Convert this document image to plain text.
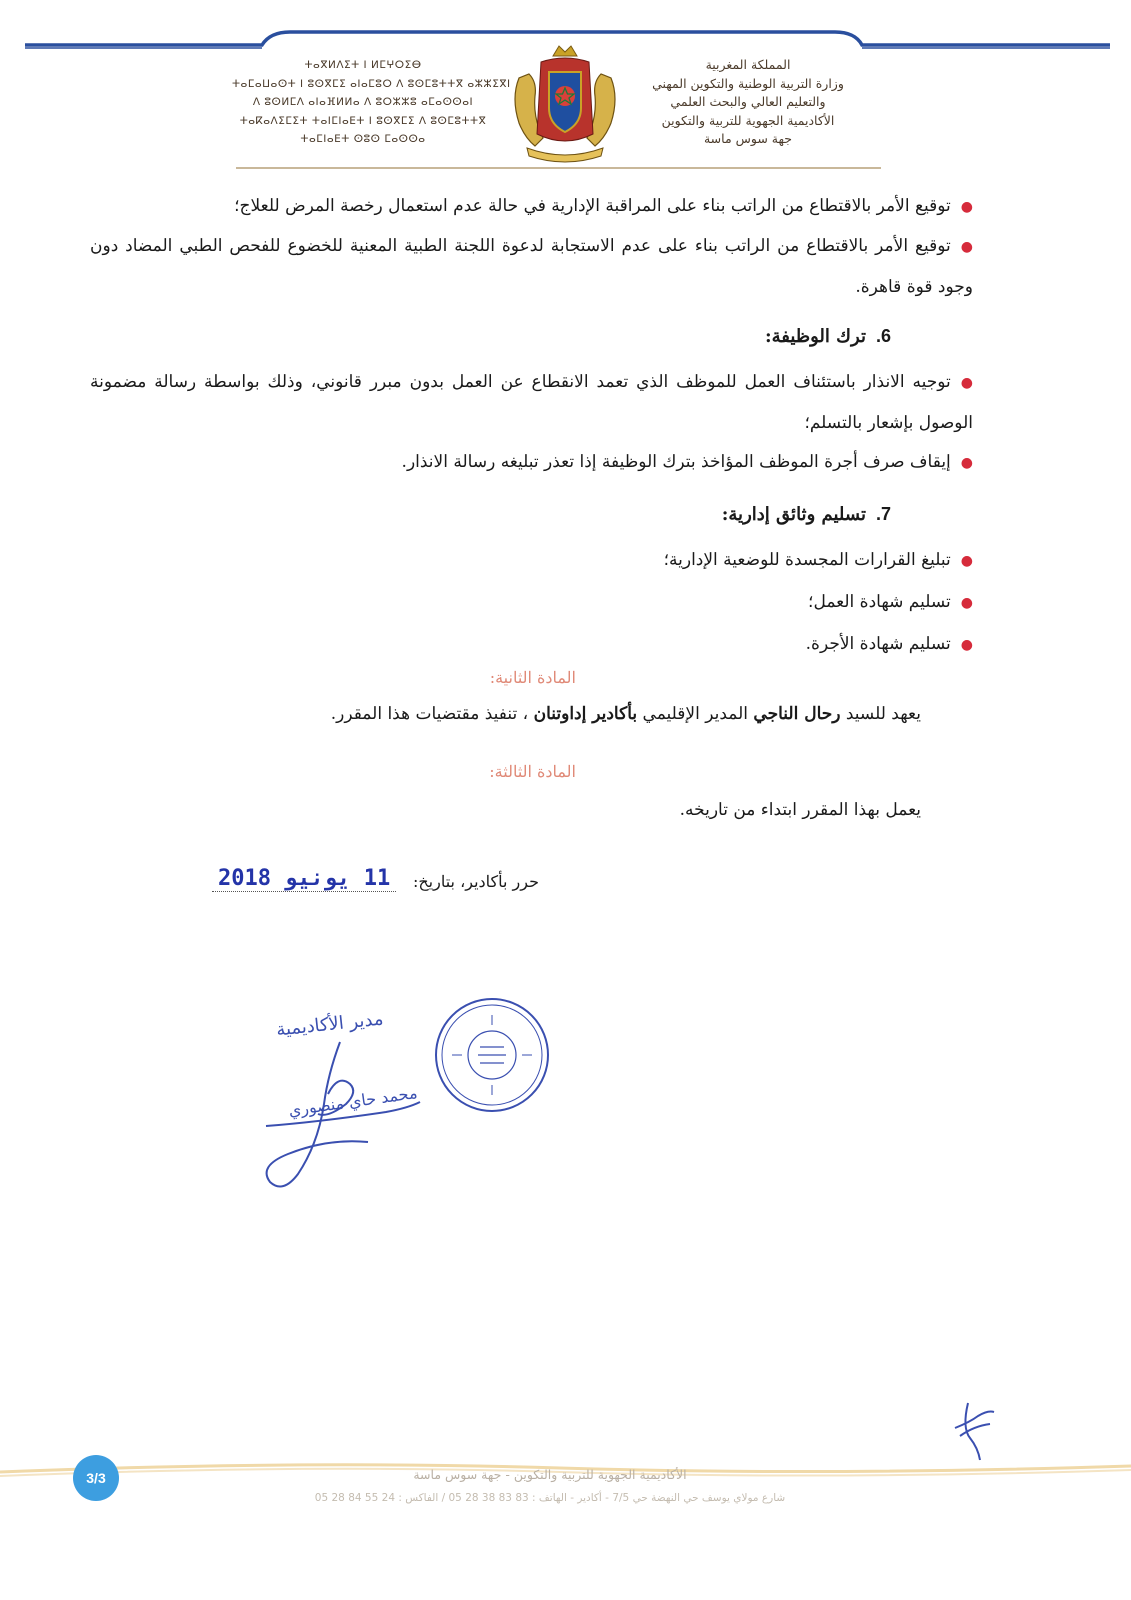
ⵜⴰⴳⵍⴷⵉⵜ ⵏ ⵍⵎⵖⵔⵉⴱ
ⵜⴰⵎⴰⵡⴰⵙⵜ ⵏ ⵓⵙⴳⵎⵉ ⴰⵏⴰⵎⵓⵔ ⴷ ⵓⵙⵎⵓⵜⵜⴳ ⴰⵣⵣⵉⴳⵏ
ⴷ ⵓⵙⵍⵎⴷ ⴰⵏⴰⴼⵍⵍⴰ ⴷ ⵓⵔⵣⵣⵓ ⴰⵎⴰⵙⵙⴰⵏ
ⵜⴰⴽⴰⴷⵉⵎⵉⵜ ⵜⴰⵏⵎⵏⴰⴹⵜ ⵏ ⵓⵙⴳⵎⵉ ⴷ ⵓⵙⵎⵓⵜⵜⴳ
ⵜⴰⵎⵏⴰⴹⵜ ⵙⵓⵙ ⵎⴰⵙⵙⴰ
المملكة المغربية
وزارة التربية الوطنية والتكوين المهني
والتعليم العالي والبحث العلمي
الأكاديمية الجهوية للتربية والتكوين
جهة سوس ماسة
●توقيع الأمر بالاقتطاع من الراتب بناء على المراقبة الإدارية في حالة عدم استعمال رخصة المرض للعلاج؛
●توقيع الأمر بالاقتطاع من الراتب بناء على عدم الاستجابة لدعوة اللجنة الطبية المعنية للخضوع للفحص الطبي المضاد دون وجود قوة قاهرة.
6.ترك الوظيفة:
●توجيه الانذار باستئناف العمل للموظف الذي تعمد الانقطاع عن العمل بدون مبرر قانوني، وذلك بواسطة رسالة مضمونة الوصول بإشعار بالتسلم؛
●إيقاف صرف أجرة الموظف المؤاخذ بترك الوظيفة إذا تعذر تبليغه رسالة الانذار.
7.تسليم وثائق إدارية:
●تبليغ القرارات المجسدة للوضعية الإدارية؛
●تسليم شهادة العمل؛
●تسليم شهادة الأجرة.
المادة الثانية:
يعهد للسيد رحال الناجي المدير الإقليمي بأكادير إداوتنان ، تنفيذ مقتضيات هذا المقرر.
المادة الثالثة:
يعمل بهذا المقرر ابتداء من تاريخه.
حرر بأكادير، بتاريخ:
11 يونيو 2018
مدير الأكاديمية
محمد حاي منصوري
3/3	الأكاديمية الجهوية للتربية والتكوين - جهة سوس ماسة
شارع مولاي يوسف حي النهضة حي 7/5 - أكادير - الهاتف : 83 83 38 28 05 / الفاكس : 24 55 84 28 05
